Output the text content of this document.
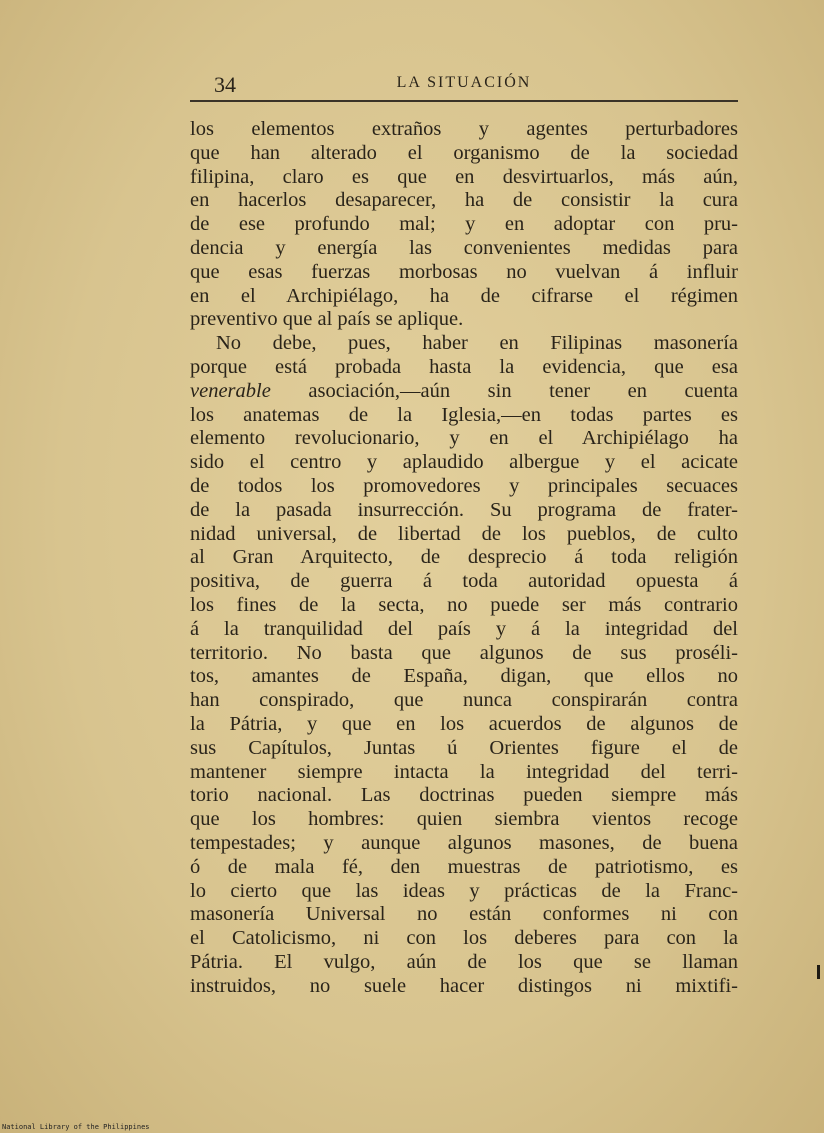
34	LA SITUACIÓN
los elementos extraños y agentes perturbadores
que han alterado el organismo de la sociedad
filipina, claro es que en desvirtuarlos, más aún,
en hacerlos desaparecer, ha de consistir la cura
de ese profundo mal; y en adoptar con pru-
dencia y energía las convenientes medidas para
que esas fuerzas morbosas no vuelvan á influir
en el Archipiélago, ha de cifrarse el régimen
preventivo que al país se aplique.
No debe, pues, haber en Filipinas masonería
porque está probada hasta la evidencia, que esa
venerable asociación,—aún sin tener en cuenta
los anatemas de la Iglesia,—en todas partes es
elemento revolucionario, y en el Archipiélago ha
sido el centro y aplaudido albergue y el acicate
de todos los promovedores y principales secuaces
de la pasada insurrección. Su programa de frater-
nidad universal, de libertad de los pueblos, de culto
al Gran Arquitecto, de desprecio á toda religión
positiva, de guerra á toda autoridad opuesta á
los fines de la secta, no puede ser más contrario
á la tranquilidad del país y á la integridad del
territorio. No basta que algunos de sus proséli-
tos, amantes de España, digan, que ellos no
han conspirado, que nunca conspirarán contra
la Pátria, y que en los acuerdos de algunos de
sus Capítulos, Juntas ú Orientes figure el de
mantener siempre intacta la integridad del terri-
torio nacional. Las doctrinas pueden siempre más
que los hombres: quien siembra vientos recoge
tempestades; y aunque algunos masones, de buena
ó de mala fé, den muestras de patriotismo, es
lo cierto que las ideas y prácticas de la Franc-
masonería Universal no están conformes ni con
el Catolicismo, ni con los deberes para con la
Pátria. El vulgo, aún de los que se llaman
instruidos, no suele hacer distingos ni mixtifi-
National Library of the Philippines
